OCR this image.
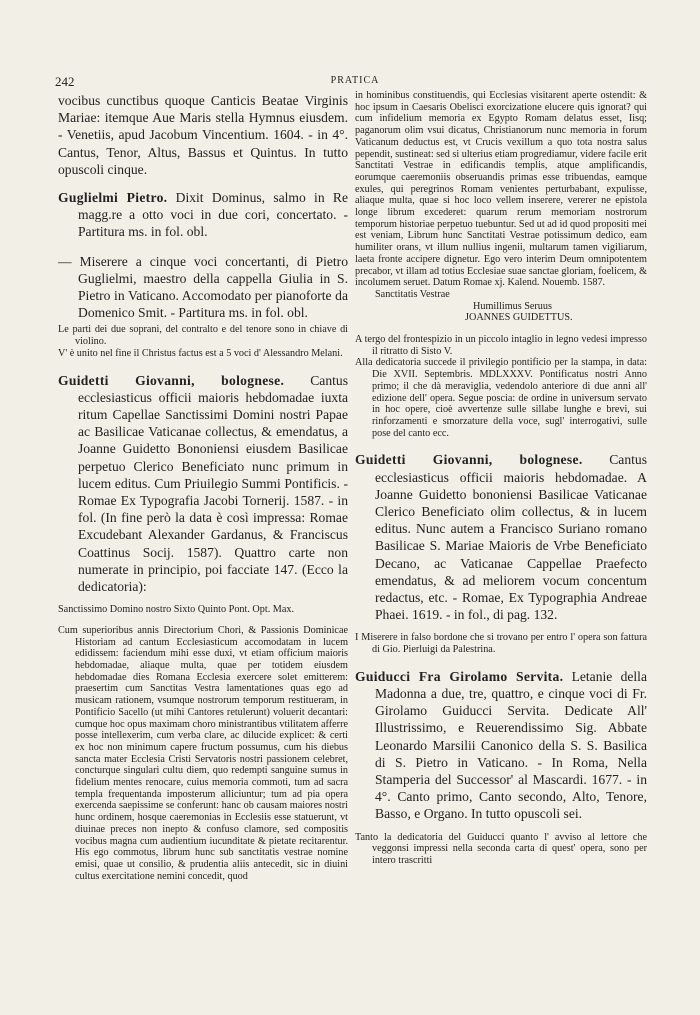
242	PRATICA

vocibus cunctibus quoque Canticis Beatae Virginis Mariae: itemque Aue Maris stella Hymnus eiusdem. - Venetiis, apud Jacobum Vincentium. 1604. - in 4°. Cantus, Tenor, Altus, Bassus et Quintus. In tutto opuscoli cinque.

Guglielmi Pietro. Dixit Dominus, salmo in Re magg.re a otto voci in due cori, concertato. - Partitura ms. in fol. obl.

— Miserere a cinque voci concertanti, di Pietro Guglielmi, maestro della cappella Giulia in S. Pietro in Vaticano. Accomodato per pianoforte da Domenico Smit. - Partitura ms. in fol. obl.

Le parti dei due soprani, del contralto e del tenore sono in chiave di violino.

V' è unito nel fine il Christus factus est a 5 voci d' Alessandro Melani.

Guidetti Giovanni, bolognese. Cantus ecclesiasticus officii maioris hebdomadae iuxta ritum Capellae Sanctissimi Domini nostri Papae ac Basilicae Vaticanae collectus, & emendatus, a Joanne Guidetto Bononiensi eiusdem Basilicae perpetuo Clerico Beneficiato nunc primum in lucem editus. Cum Priuilegio Summi Pontificis. - Romae Ex Typografia Jacobi Tornerij. 1587. - in fol. (In fine però la data è così impressa: Romae Excudebant Alexander Gardanus, & Franciscus Coattinus Socij. 1587). Quattro carte non numerate in principio, poi facciate 147. (Ecco la dedicatoria):

Sanctissimo Domino nostro Sixto Quinto Pont. Opt. Max.

Cum superioribus annis Directorium Chori, & Passionis Dominicae Historiam ad cantum Ecclesiasticum accomodatam in lucem edidissem: faciendum mihi esse duxi, vt etiam officium maioris hebdomadae, aliaque multa, quae per totidem eiusdem hebdomadae dies Romana Ecclesia exercere solet emitterem: praesertim cum Sanctitas Vestra lamentationes quas ego ad musicam rationem, vsumque nostrorum temporum restitueram, in Pontificio Sacello (ut mihi Cantores retulerunt) voluerit decantari: cumque hoc opus maximam choro ministrantibus vtilitatem afferre posse intellexerim, cum verba clare, ac dilucide explicet: & certi ex hoc non minimum capere fructum possumus, cum his diebus sancta mater Ecclesia Cristi Servatoris nostri passionem celebret, concturque singulari cultu diem, quo redempti sanguine sumus in fidelium mentes renocare, cuius memoria commoti, tum ad sacra templa frequentanda imposterum alliciuntur; tum ad pia opera exercenda saepissime se conferunt: hanc ob causam maiores nostri hunc ordinem, hosque caeremonias in Ecclesiis esse statuerunt, vt diuinae preces non inepto & confuso clamore, sed compositis vocibus magna cum audientium iucunditate & pietate recitarentur. His ego commotus, librum hunc sub sanctitatis vestrae nomine emisi, quae ut consilio, & prudentia aliis antecedit, sic in diuini cultus exercitatione nemini concedit, quod

in hominibus constituendis, qui Ecclesias visitarent aperte ostendit: & hoc ipsum in Caesaris Obelisci exorcizatione elucere quis ignorat? qui cum infidelium memoria ex Egypto Romam delatus esset, Iisq; paganorum olim vsui dicatus, Christianorum nunc memoria in forum Vaticanum deductus est, vt Crucis vexillum a quo tota nostra salus pependit, sustineat: sed si ulterius etiam progrediamur, videre facile erit Sanctitati Vestrae in edificandis templis, atque amplificandis, eorumque caeremoniis obseruandis primas esse tribuendas, eamque exules, qui peregrinos Romam venientes perturbabant, expulisse, aliaque multa, quae si hoc loco vellem inserere, vererer ne epistola longe librum excederet: quarum rerum memoriam nostrorum temporum historiae perpetuo tuebuntur. Sed ut ad id quod propositi mei est veniam, Librum hunc Sanctitati Vestrae potissimum dedico, eam humiliter orans, vt illum nullius ingenii, multarum tamen vigiliarum, laeta fronte accipere dignetur. Ego vero interim Deum omnipotentem precabor, vt illam ad totius Ecclesiae suae sanctae gloriam, foelicem, & incolumem seruet. Datum Romae xj. Kalend. Nouemb. 1587.

Sanctitatis Vestrae

Humillimus Seruus

JOANNES GUIDETTUS.

A tergo del frontespizio in un piccolo intaglio in legno vedesi impresso il ritratto di Sisto V.

Alla dedicatoria succede il privilegio pontificio per la stampa, in data: Die XVII. Septembris. MDLXXXV. Pontificatus nostri Anno primo; il che dà meraviglia, vedendolo anteriore di due anni all' edizione dell' opera. Segue poscia: de ordine in universum servato in hoc opere, cioè avvertenze sulle sillabe lunghe e brevi, sui rinforzamenti e smorzature della voce, sugl' interrogativi, sulle pose del canto ecc.

Guidetti Giovanni, bolognese. Cantus ecclesiasticus officii maioris hebdomadae. A Joanne Guidetto bononiensi Basilicae Vaticanae Clerico Beneficiato olim collectus, & in lucem editus. Nunc autem a Francisco Suriano romano Basilicae S. Mariae Maioris de Vrbe Beneficiato Decano, ac Vaticanae Cappellae Praefecto emendatus, & ad meliorem vocum concentum redactus, etc. - Romae, Ex Typographia Andreae Phaei. 1619. - in fol., di pag. 132.

I Miserere in falso bordone che si trovano per entro l' opera son fattura di Gio. Pierluigi da Palestrina.

Guiducci Fra Girolamo Servita. Letanie della Madonna a due, tre, quattro, e cinque voci di Fr. Girolamo Guiducci Servita. Dedicate All' Illustrissimo, e Reuerendissimo Sig. Abbate Leonardo Marsilii Canonico della S. S. Basilica di S. Pietro in Vaticano. - In Roma, Nella Stamperia del Successor' al Mascardi. 1677. - in 4°. Canto primo, Canto secondo, Alto, Tenore, Basso, e Organo. In tutto opuscoli sei.

Tanto la dedicatoria del Guiducci quanto l' avviso al lettore che veggonsi impressi nella seconda carta di quest' opera, sono per intero trascritti
